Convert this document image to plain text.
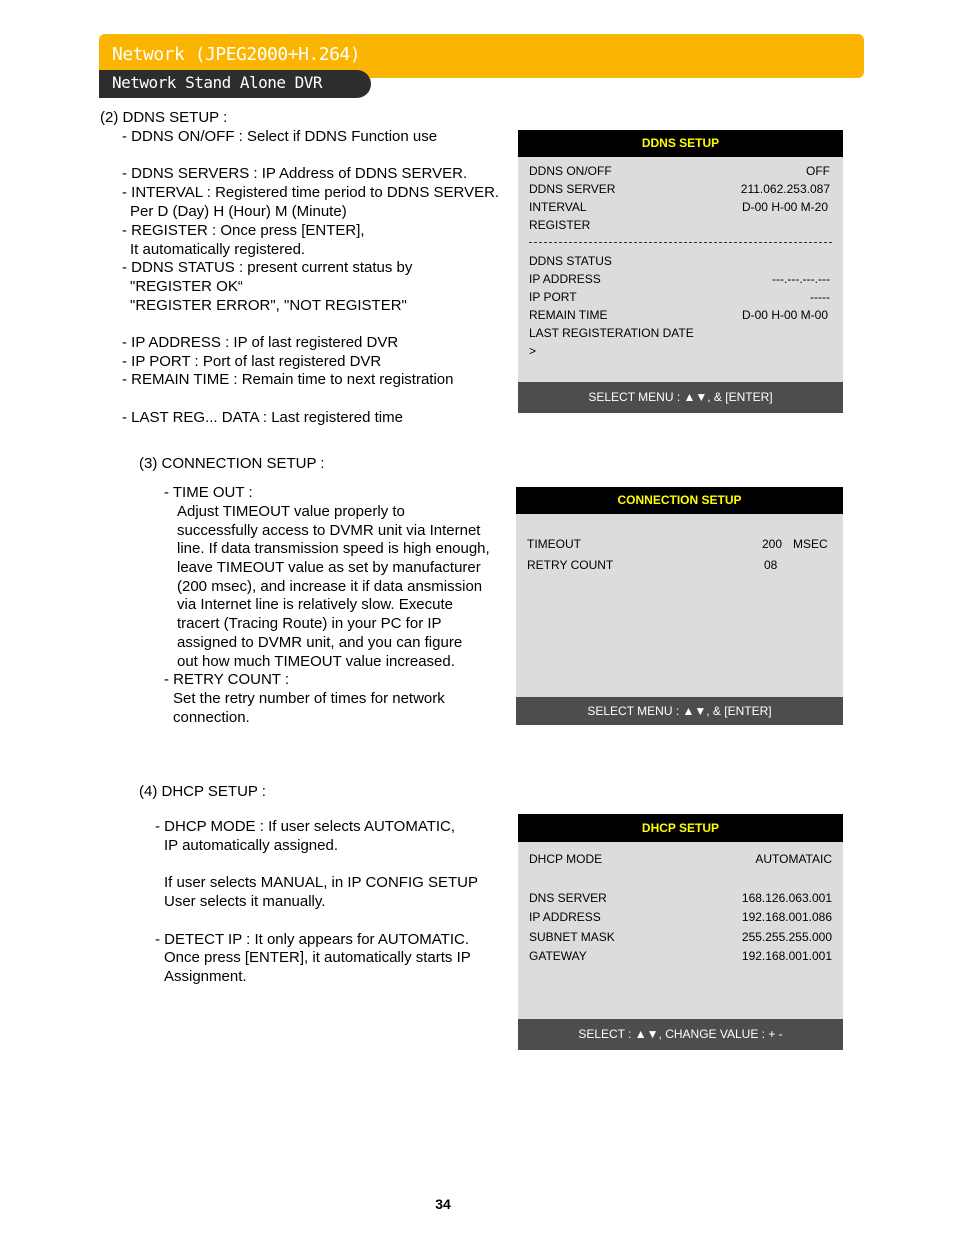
Network (JPEG2000+H.264)
Network Stand Alone DVR
(2) DDNS SETUP :
- DDNS ON/OFF : Select if DDNS Function use
- DDNS SERVERS : IP Address of DDNS SERVER.
- INTERVAL : Registered time period to DDNS SERVER.
Per D (Day) H (Hour) M (Minute)
- REGISTER : Once press [ENTER],
It automatically registered.
- DDNS STATUS : present current status by
"REGISTER OK“
"REGISTER ERROR", "NOT REGISTER"
- IP ADDRESS : IP of last registered DVR
- IP PORT : Port of last registered DVR
- REMAIN TIME : Remain time to next registration
- LAST REG... DATA : Last registered time
DDNS SETUP
DDNS ON/OFF	OFF
DDNS SERVER	211.062.253.087
INTERVAL	D-00 H-00 M-20
REGISTER
DDNS STATUS
IP ADDRESS	---.---.---.---
IP PORT	-----
REMAIN TIME	D-00 H-00 M-00
LAST REGISTERATION DATE
>
SELECT MENU : ▲▼, & [ENTER]
(3) CONNECTION SETUP :
- TIME OUT :
Adjust TIMEOUT value properly to
successfully access to DVMR unit via Internet
line. If data transmission speed is high enough,
leave TIMEOUT value as set by manufacturer
(200 msec), and increase it if data ansmission
via Internet line is relatively slow. Execute
tracert (Tracing Route) in your PC for IP
assigned to DVMR unit, and you can figure
out how much TIMEOUT value increased.
- RETRY COUNT :
Set the retry number of times for network
connection.
CONNECTION SETUP
TIMEOUT	200 MSEC
RETRY COUNT	08
SELECT MENU : ▲▼, & [ENTER]
(4) DHCP SETUP :
- DHCP MODE : If user selects AUTOMATIC,
IP automatically assigned.
If user selects MANUAL, in IP CONFIG SETUP
User selects it manually.
- DETECT IP : It only appears for AUTOMATIC.
Once press [ENTER], it automatically starts IP
Assignment.
DHCP SETUP
DHCP MODE	AUTOMATAIC
DNS SERVER	168.126.063.001
IP ADDRESS	192.168.001.086
SUBNET MASK	255.255.255.000
GATEWAY	192.168.001.001
SELECT : ▲▼, CHANGE VALUE : + -
34
